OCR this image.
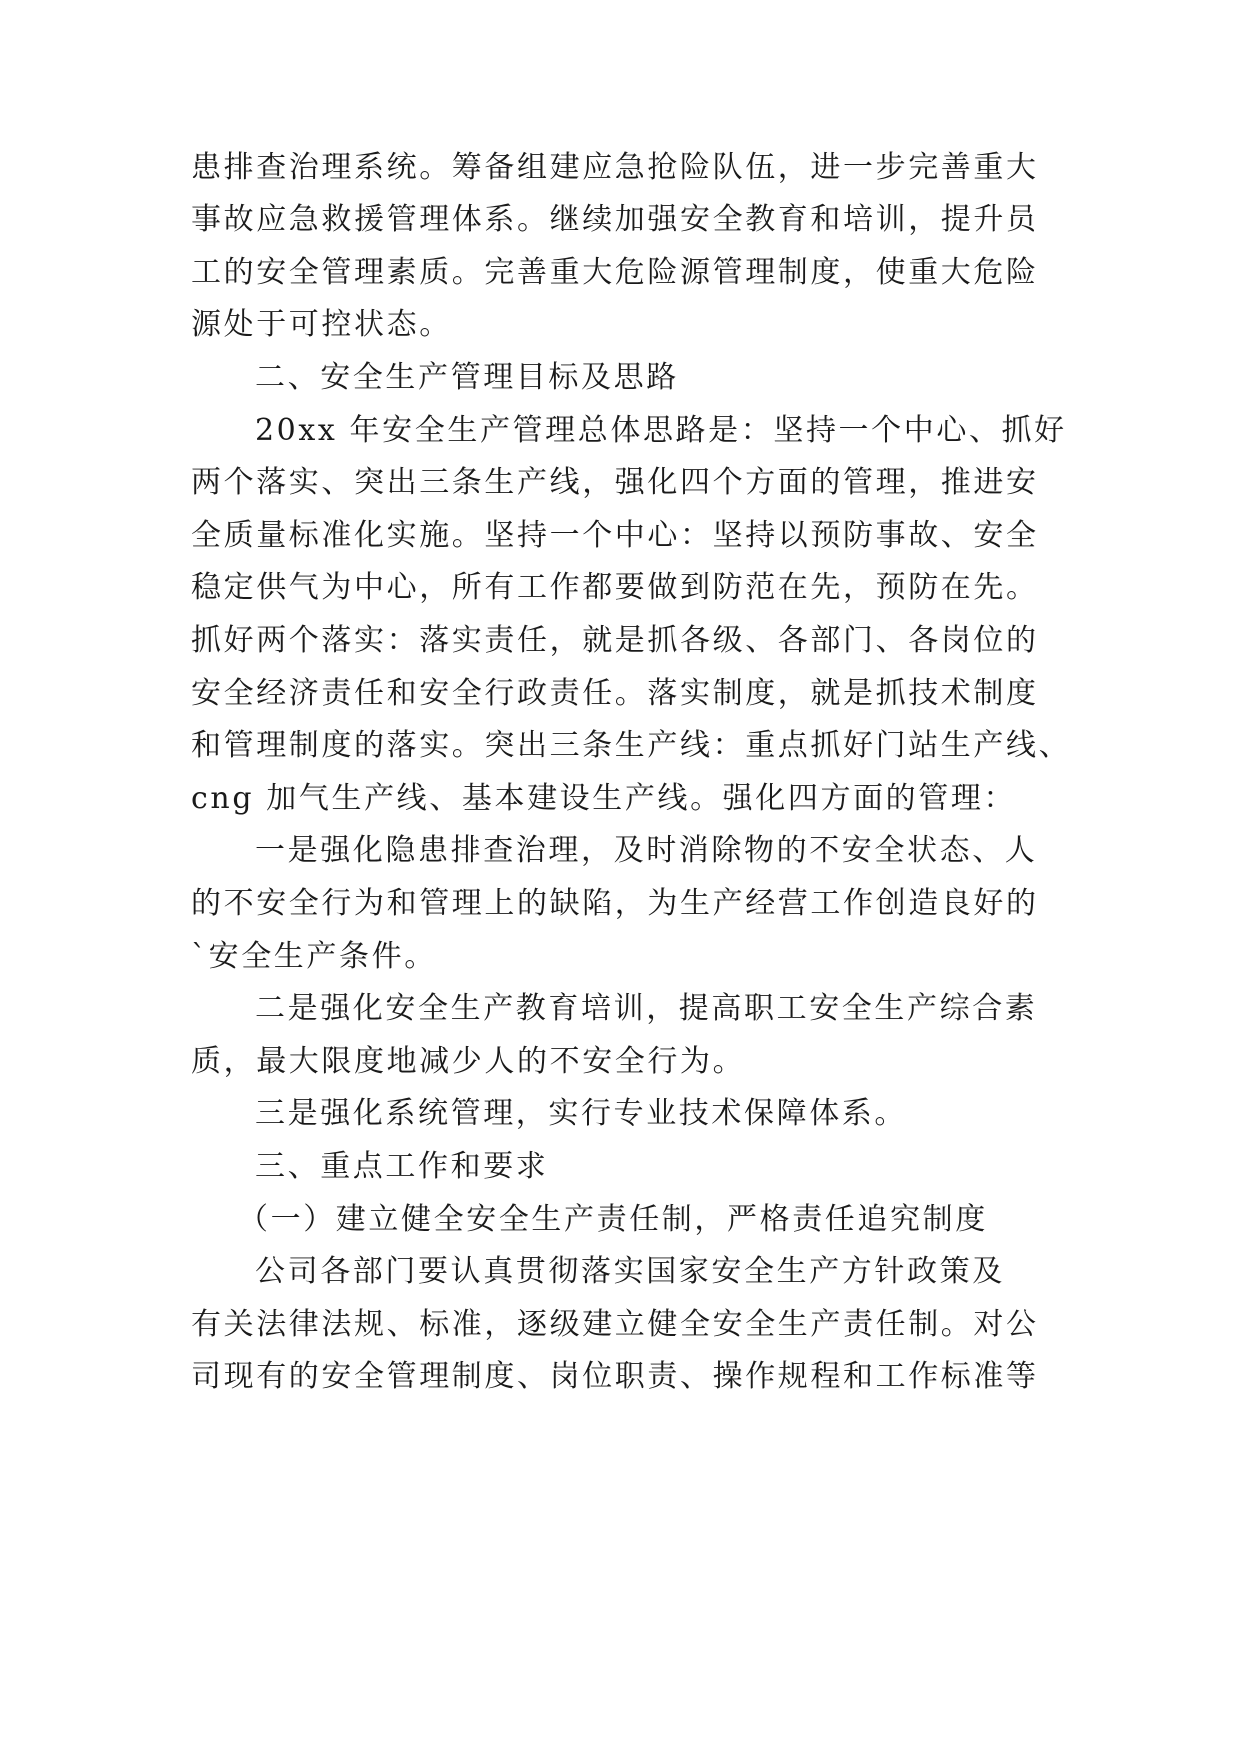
患排查治理系统。筹备组建应急抢险队伍，进一步完善重大
事故应急救援管理体系。继续加强安全教育和培训，提升员
工的安全管理素质。完善重大危险源管理制度，使重大危险
源处于可控状态。
二、安全生产管理目标及思路
20xx 年安全生产管理总体思路是：坚持一个中心、抓好
两个落实、突出三条生产线，强化四个方面的管理，推进安
全质量标准化实施。坚持一个中心：坚持以预防事故、安全
稳定供气为中心，所有工作都要做到防范在先，预防在先。
抓好两个落实：落实责任，就是抓各级、各部门、各岗位的
安全经济责任和安全行政责任。落实制度，就是抓技术制度
和管理制度的落实。突出三条生产线：重点抓好门站生产线、
cng 加气生产线、基本建设生产线。强化四方面的管理：
一是强化隐患排查治理，及时消除物的不安全状态、人
的不安全行为和管理上的缺陷，为生产经营工作创造良好的
`安全生产条件。
二是强化安全生产教育培训，提高职工安全生产综合素
质，最大限度地减少人的不安全行为。
三是强化系统管理，实行专业技术保障体系。
三、重点工作和要求
（一）建立健全安全生产责任制，严格责任追究制度
公司各部门要认真贯彻落实国家安全生产方针政策及
有关法律法规、标准，逐级建立健全安全生产责任制。对公
司现有的安全管理制度、岗位职责、操作规程和工作标准等
